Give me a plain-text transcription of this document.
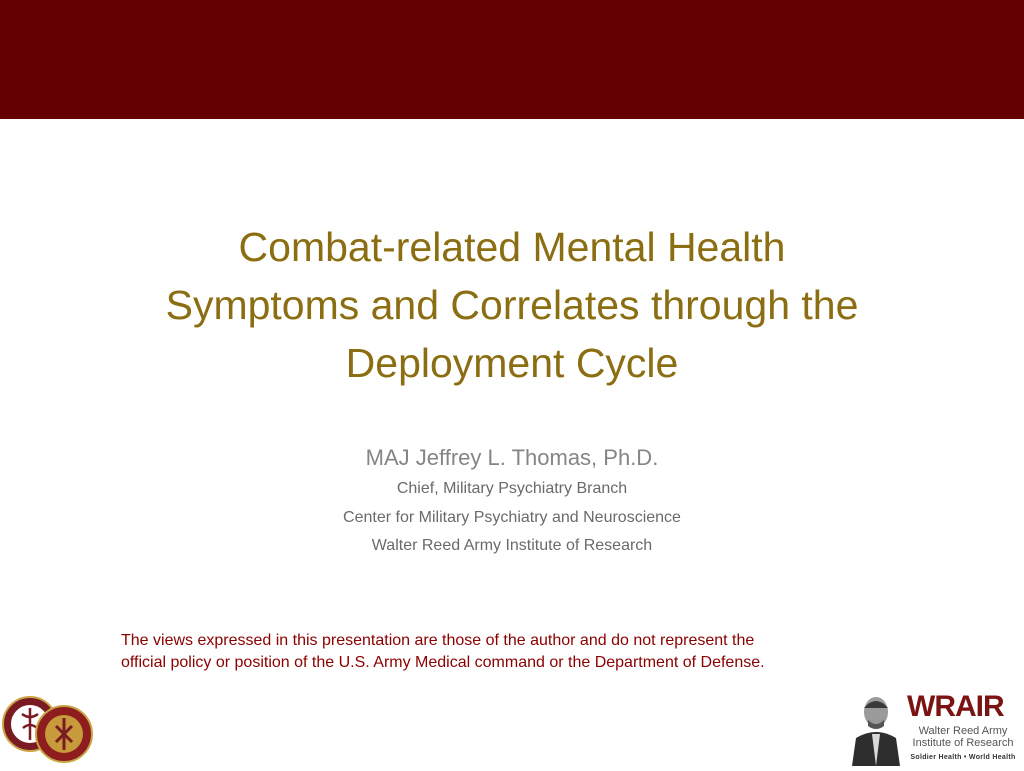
Combat-related Mental Health
Symptoms and Correlates through the
Deployment Cycle
MAJ Jeffrey L. Thomas, Ph.D.
Chief, Military Psychiatry Branch
Center for Military Psychiatry and Neuroscience
Walter Reed Army Institute of Research
The views expressed in this presentation are those of the author and do not represent the
official policy or position of the U.S. Army Medical command or the Department of Defense.
WRAIR
Walter Reed Army
Institute of Research
Soldier Health • World Health
